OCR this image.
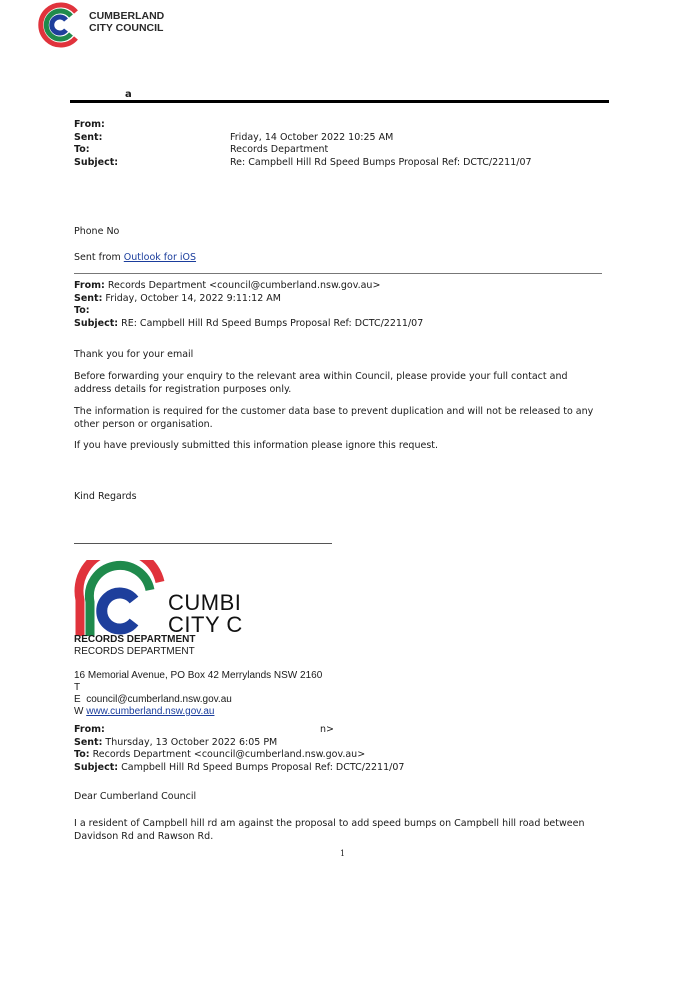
CUMBERLAND
CITY COUNCIL
a
From:
Sent:
To:
Subject:
Friday, 14 October 2022 10:25 AM
Records Department
Re: Campbell Hill Rd Speed Bumps Proposal Ref: DCTC/2211/07
Phone No
Sent from Outlook for iOS
From: Records Department <council@cumberland.nsw.gov.au>
Sent: Friday, October 14, 2022 9:11:12 AM
To:
Subject: RE: Campbell Hill Rd Speed Bumps Proposal Ref: DCTC/2211/07
Thank you for your email
Before forwarding your enquiry to the relevant area within Council, please provide your full contact and address details for registration purposes only.
The information is required for the customer data base to prevent duplication and will not be released to any other person or organisation.
If you have previously submitted this information please ignore this request.
Kind Regards
CUMBI
CITY C
RECORDS DEPARTMENT
RECORDS DEPARTMENT
16 Memorial Avenue, PO Box 42 Merrylands NSW 2160
T
E council@cumberland.nsw.gov.au
W www.cumberland.nsw.gov.au
From:	n>
Sent: Thursday, 13 October 2022 6:05 PM
To: Records Department <council@cumberland.nsw.gov.au>
Subject: Campbell Hill Rd Speed Bumps Proposal Ref: DCTC/2211/07
Dear Cumberland Council
I a resident of Campbell hill rd am against the proposal to add speed bumps on Campbell hill road between Davidson Rd and Rawson Rd.
1
